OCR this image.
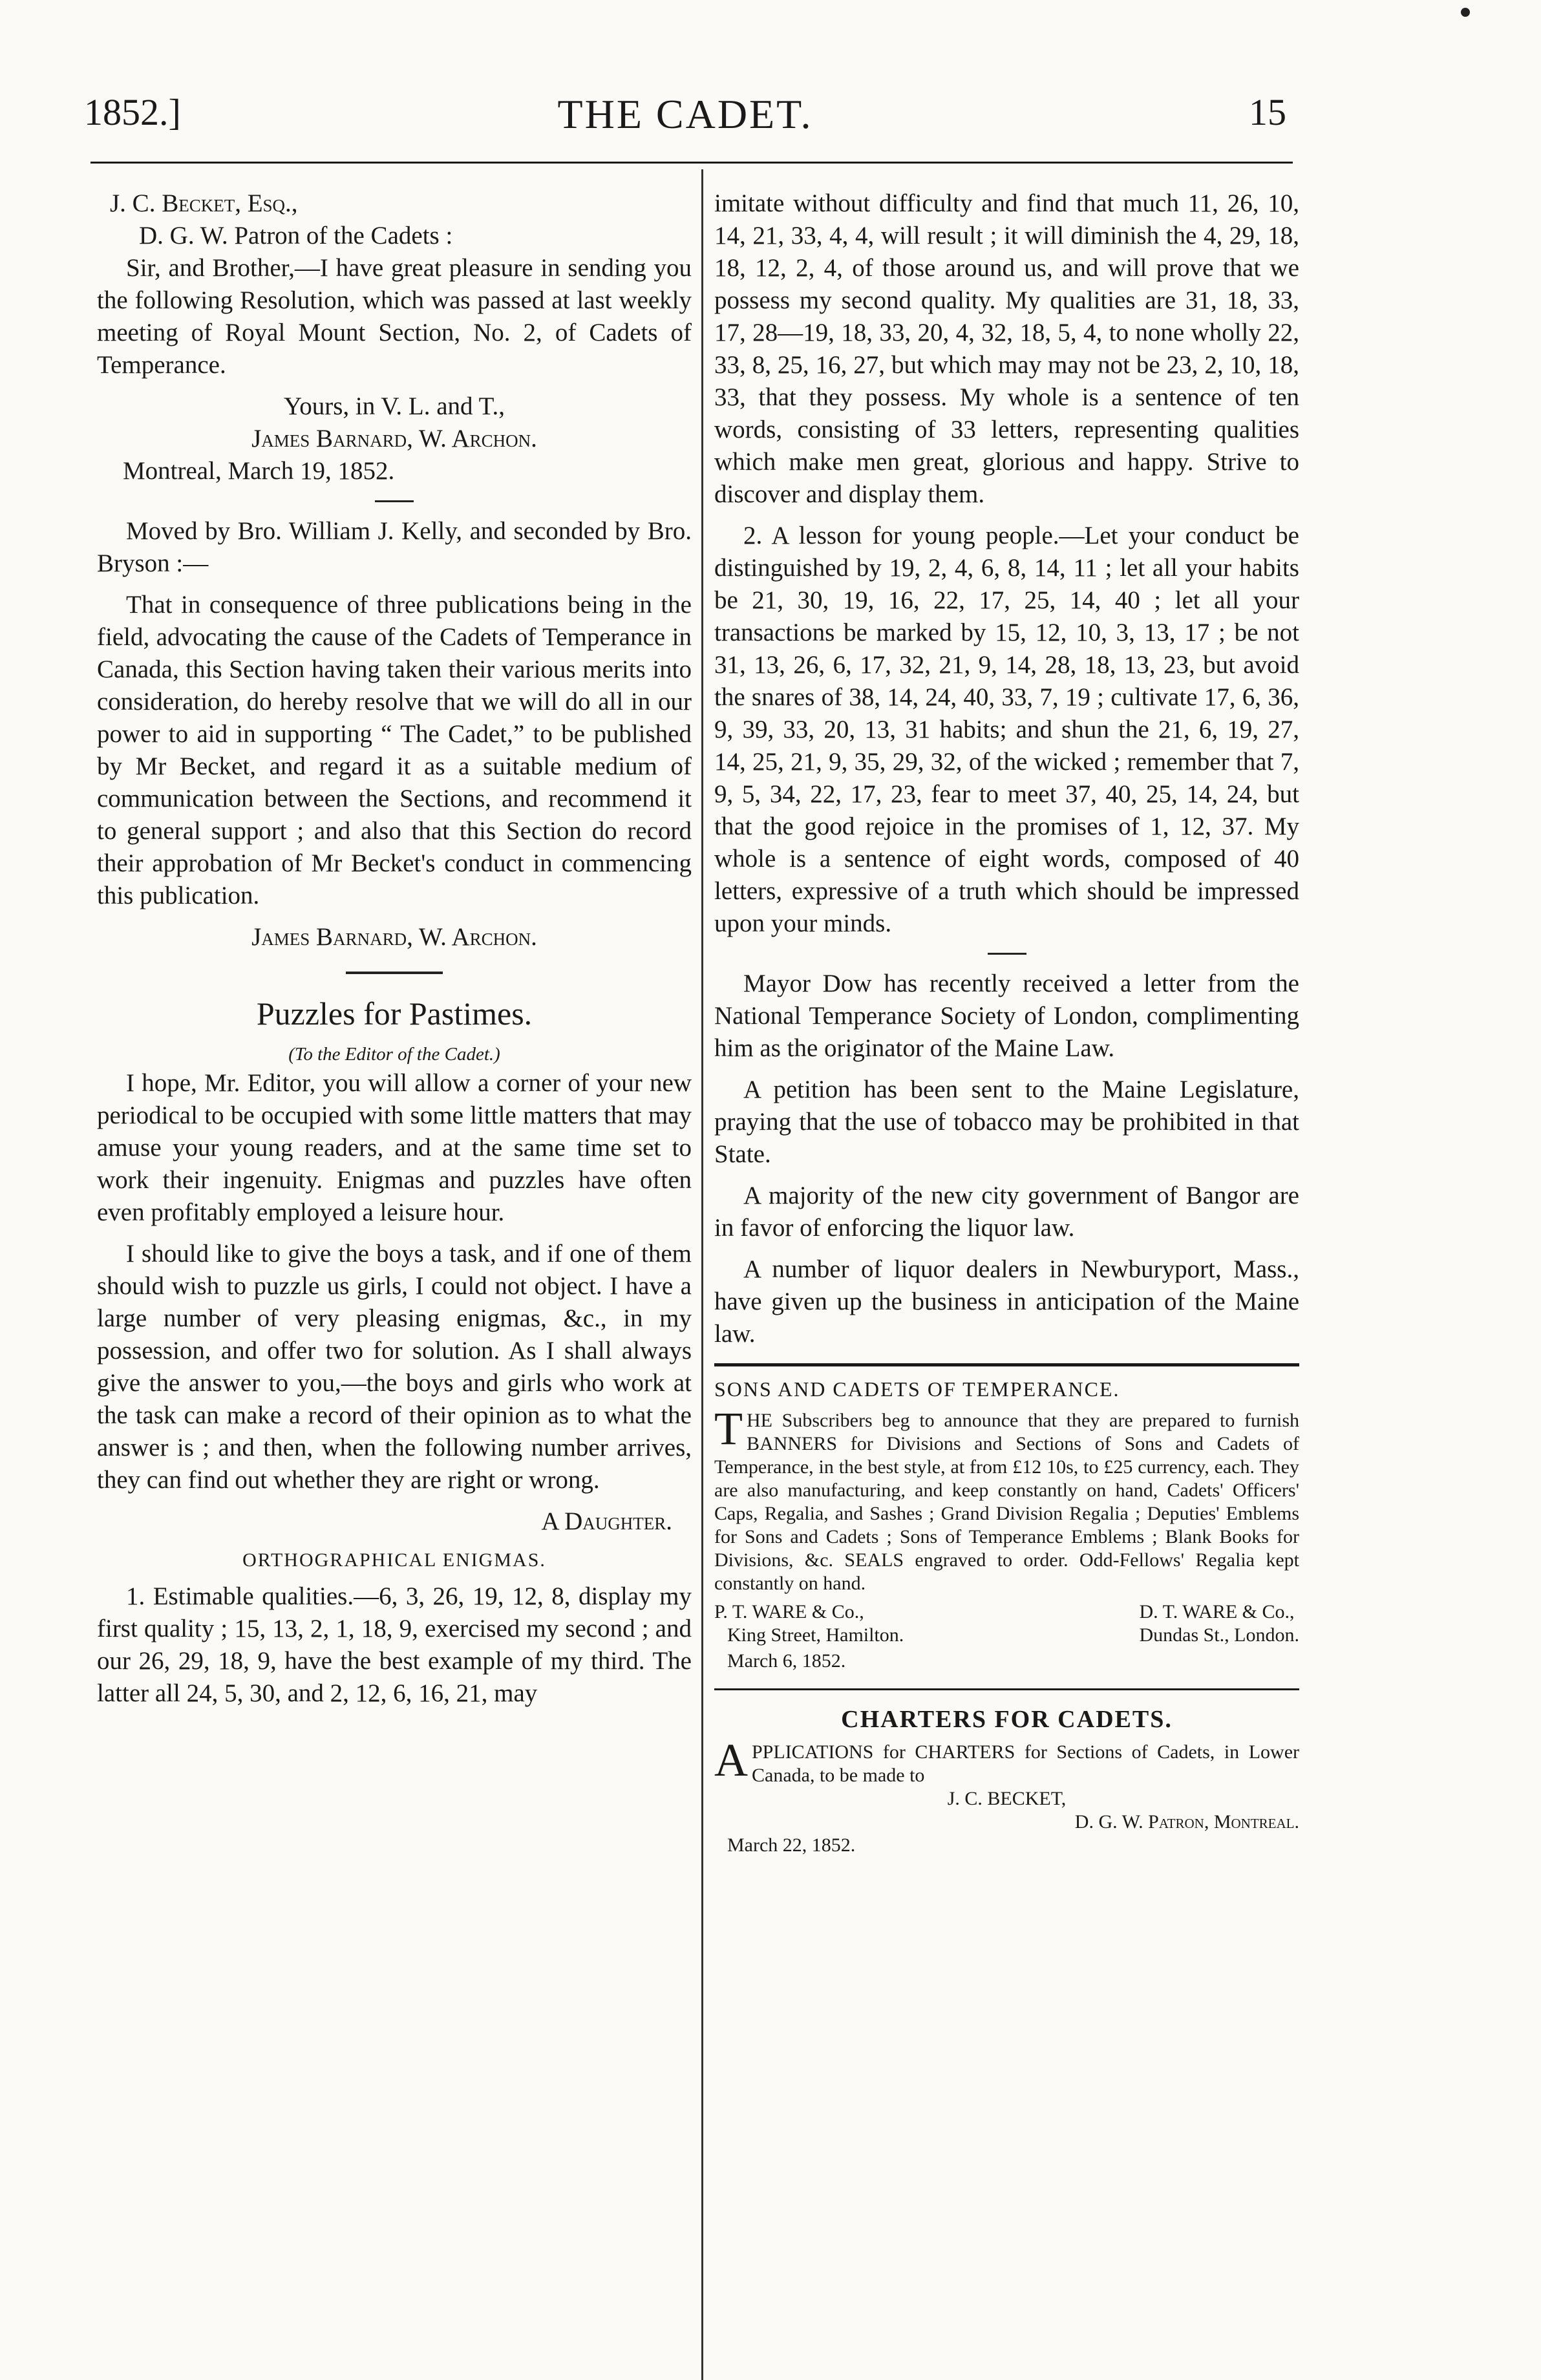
1852.]	THE CADET.	15
J. C. Becket, Esq.,
D. G. W. Patron of the Cadets :

Sir, and Brother,—I have great pleasure in sending you the following Resolution, which was passed at last weekly meeting of Royal Mount Section, No. 2, of Cadets of Temperance.

Yours, in V. L. and T.,
James Barnard, W. Archon.
Montreal, March 19, 1852.

Moved by Bro. William J. Kelly, and seconded by Bro. Bryson :—

That in consequence of three publications being in the field, advocating the cause of the Cadets of Temperance in Canada, this Section having taken their various merits into consideration, do hereby resolve that we will do all in our power to aid in supporting “ The Cadet,” to be published by Mr Becket, and regard it as a suitable medium of communication between the Sections, and recommend it to general support ; and also that this Section do record their approbation of Mr Becket's conduct in commencing this publication.

James Barnard, W. Archon.
Puzzles for Pastimes.
(To the Editor of the Cadet.)

I hope, Mr. Editor, you will allow a corner of your new periodical to be occupied with some little matters that may amuse your young readers, and at the same time set to work their ingenuity. Enigmas and puzzles have often even profitably employed a leisure hour.

I should like to give the boys a task, and if one of them should wish to puzzle us girls, I could not object. I have a large number of very pleasing enigmas, &c., in my possession, and offer two for solution. As I shall always give the answer to you,—the boys and girls who work at the task can make a record of their opinion as to what the answer is ; and then, when the following number arrives, they can find out whether they are right or wrong.

A Daughter.
ORTHOGRAPHICAL ENIGMAS.

1. Estimable qualities.—6, 3, 26, 19, 12, 8, display my first quality ; 15, 13, 2, 1, 18, 9, exercised my second ; and our 26, 29, 18, 9, have the best example of my third. The latter all 24, 5, 30, and 2, 12, 6, 16, 21, may

imitate without difficulty and find that much 11, 26, 10, 14, 21, 33, 4, 4, will result ; it will diminish the 4, 29, 18, 18, 12, 2, 4, of those around us, and will prove that we possess my second quality. My qualities are 31, 18, 33, 17, 28—19, 18, 33, 20, 4, 32, 18, 5, 4, to none wholly 22, 33, 8, 25, 16, 27, but which may may not be 23, 2, 10, 18, 33, that they possess. My whole is a sentence of ten words, consisting of 33 letters, representing qualities which make men great, glorious and happy. Strive to discover and display them.

2. A lesson for young people.—Let your conduct be distinguished by 19, 2, 4, 6, 8, 14, 11 ; let all your habits be 21, 30, 19, 16, 22, 17, 25, 14, 40 ; let all your transactions be marked by 15, 12, 10, 3, 13, 17 ; be not 31, 13, 26, 6, 17, 32, 21, 9, 14, 28, 18, 13, 23, but avoid the snares of 38, 14, 24, 40, 33, 7, 19 ; cultivate 17, 6, 36, 9, 39, 33, 20, 13, 31 habits; and shun the 21, 6, 19, 27, 14, 25, 21, 9, 35, 29, 32, of the wicked ; remember that 7, 9, 5, 34, 22, 17, 23, fear to meet 37, 40, 25, 14, 24, but that the good rejoice in the promises of 1, 12, 37. My whole is a sentence of eight words, composed of 40 letters, expressive of a truth which should be impressed upon your minds.

Mayor Dow has recently received a letter from the National Temperance Society of London, complimenting him as the originator of the Maine Law.

A petition has been sent to the Maine Legislature, praying that the use of tobacco may be prohibited in that State.

A majority of the new city government of Bangor are in favor of enforcing the liquor law.

A number of liquor dealers in Newburyport, Mass., have given up the business in anticipation of the Maine law.

SONS AND CADETS OF TEMPERANCE.
THE Subscribers beg to announce that they are prepared to furnish BANNERS for Divisions and Sections of Sons and Cadets of Temperance, in the best style, at from £12 10s, to £25 currency, each. They are also manufacturing, and keep constantly on hand, Cadets' Officers' Caps, Regalia, and Sashes ; Grand Division Regalia ; Deputies' Emblems for Sons and Cadets ; Sons of Temperance Emblems ; Blank Books for Divisions, &c. SEALS engraved to order. Odd-Fellows' Regalia kept constantly on hand.
P. T. WARE & Co.,
King Street, Hamilton.
D. T. WARE & Co.,
Dundas St., London.
March 6, 1852.
CHARTERS FOR CADETS.
APPLICATIONS for CHARTERS for Sections of Cadets, in Lower Canada, to be made to
J. C. BECKET,
D. G. W. Patron, Montreal.
March 22, 1852.
